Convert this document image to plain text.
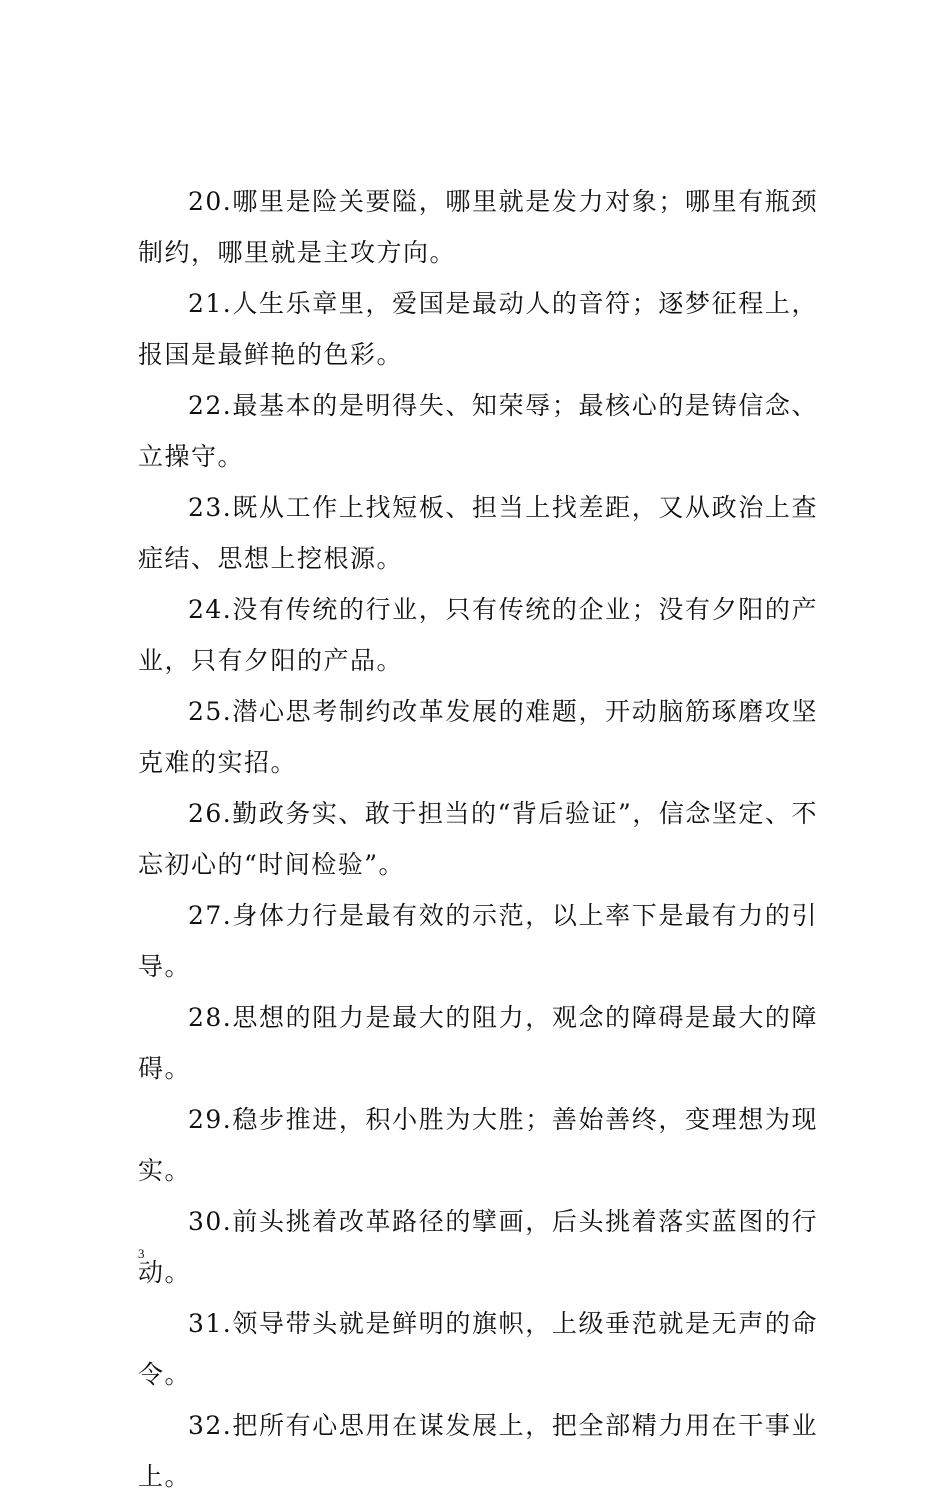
20.哪里是险关要隘，哪里就是发力对象；哪里有瓶颈制约，哪里就是主攻方向。

21.人生乐章里，爱国是最动人的音符；逐梦征程上，报国是最鲜艳的色彩。

22.最基本的是明得失、知荣辱；最核心的是铸信念、立操守。

23.既从工作上找短板、担当上找差距，又从政治上查症结、思想上挖根源。

24.没有传统的行业，只有传统的企业；没有夕阳的产业，只有夕阳的产品。

25.潜心思考制约改革发展的难题，开动脑筋琢磨攻坚克难的实招。

26.勤政务实、敢于担当的“背后验证”，信念坚定、不忘初心的“时间检验”。

27.身体力行是最有效的示范，以上率下是最有力的引导。

28.思想的阻力是最大的阻力，观念的障碍是最大的障碍。

29.稳步推进，积小胜为大胜；善始善终，变理想为现实。

30.前头挑着改革路径的擘画，后头挑着落实蓝图的行动。

31.领导带头就是鲜明的旗帜，上级垂范就是无声的命令。

32.把所有心思用在谋发展上，把全部精力用在干事业上。

3
